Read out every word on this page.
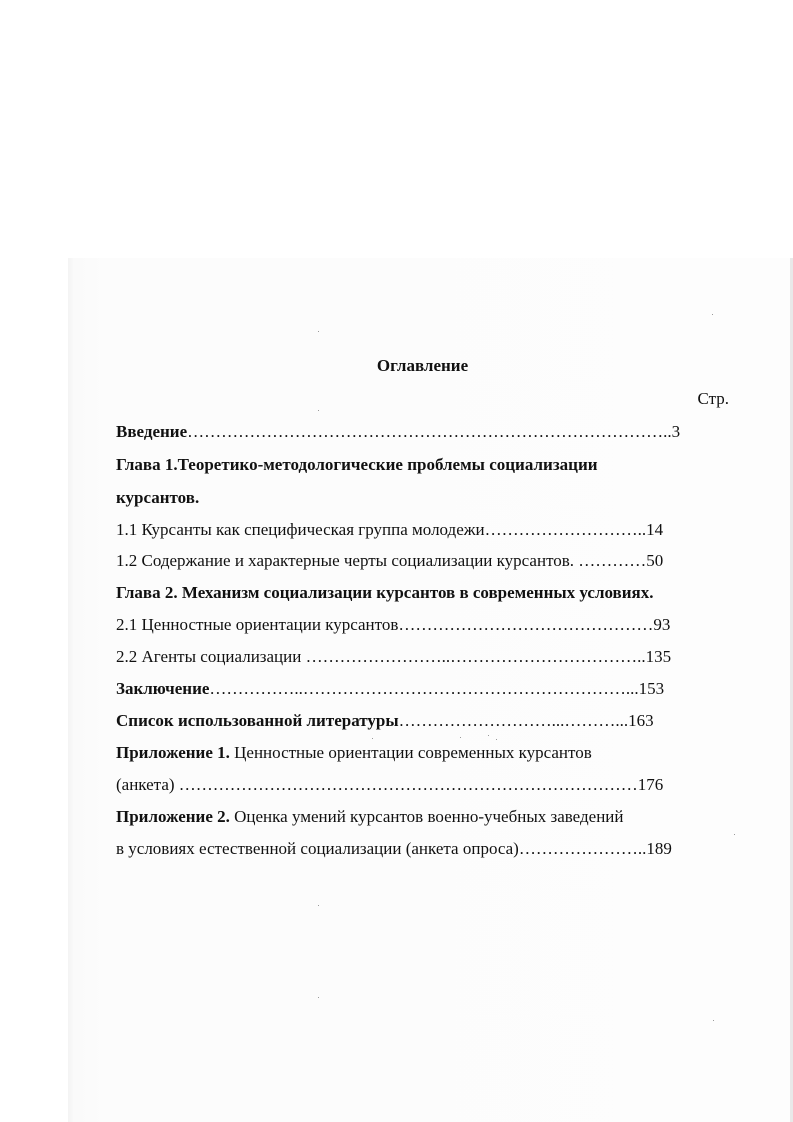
Оглавление
Стр.
Введение…………………………………………………………………………..3
Глава 1.Теоретико-методологические проблемы социализации
курсантов.
1.1 Курсанты как специфическая группа молодежи………………………..14
1.2 Содержание и характерные черты социализации курсантов. …………50
Глава 2. Механизм социализации курсантов в современных условиях.
2.1 Ценностные ориентации курсантов………………………………………93
2.2 Агенты социализации ……………………..……………………………..135
Заключение……………..…………………………………………………...153
Список использованной литературы………………………...………...163
Приложение 1. Ценностные ориентации современных курсантов
(анкета) ………………………………………………………………………176
Приложение 2. Оценка умений курсантов военно-учебных заведений
в условиях естественной социализации (анкета опроса)…………………..189
